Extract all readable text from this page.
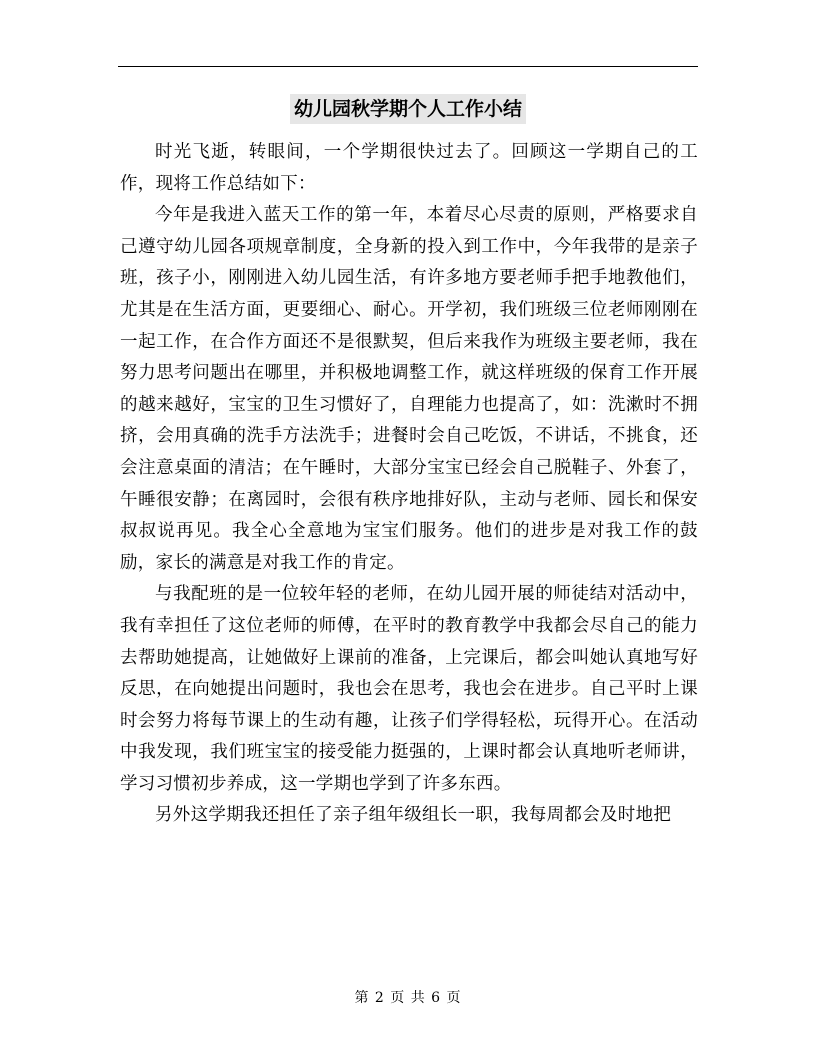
幼儿园秋学期个人工作小结

时光飞逝，转眼间，一个学期很快过去了。回顾这一学期自己的工作，现将工作总结如下：

今年是我进入蓝天工作的第一年，本着尽心尽责的原则，严格要求自己遵守幼儿园各项规章制度，全身新的投入到工作中，今年我带的是亲子班，孩子小，刚刚进入幼儿园生活，有许多地方要老师手把手地教他们，尤其是在生活方面，更要细心、耐心。开学初，我们班级三位老师刚刚在一起工作，在合作方面还不是很默契，但后来我作为班级主要老师，我在努力思考问题出在哪里，并积极地调整工作，就这样班级的保育工作开展的越来越好，宝宝的卫生习惯好了，自理能力也提高了，如：洗漱时不拥挤，会用真确的洗手方法洗手；进餐时会自己吃饭，不讲话，不挑食，还会注意桌面的清洁；在午睡时，大部分宝宝已经会自己脱鞋子、外套了，午睡很安静；在离园时，会很有秩序地排好队，主动与老师、园长和保安叔叔说再见。我全心全意地为宝宝们服务。他们的进步是对我工作的鼓励，家长的满意是对我工作的肯定。

与我配班的是一位较年轻的老师，在幼儿园开展的师徒结对活动中，我有幸担任了这位老师的师傅，在平时的教育教学中我都会尽自己的能力去帮助她提高，让她做好上课前的准备，上完课后，都会叫她认真地写好反思，在向她提出问题时，我也会在思考，我也会在进步。自己平时上课时会努力将每节课上的生动有趣，让孩子们学得轻松，玩得开心。在活动中我发现，我们班宝宝的接受能力挺强的，上课时都会认真地听老师讲，学习习惯初步养成，这一学期也学到了许多东西。

另外这学期我还担任了亲子组年级组长一职，我每周都会及时地把

第 2 页 共 6 页
